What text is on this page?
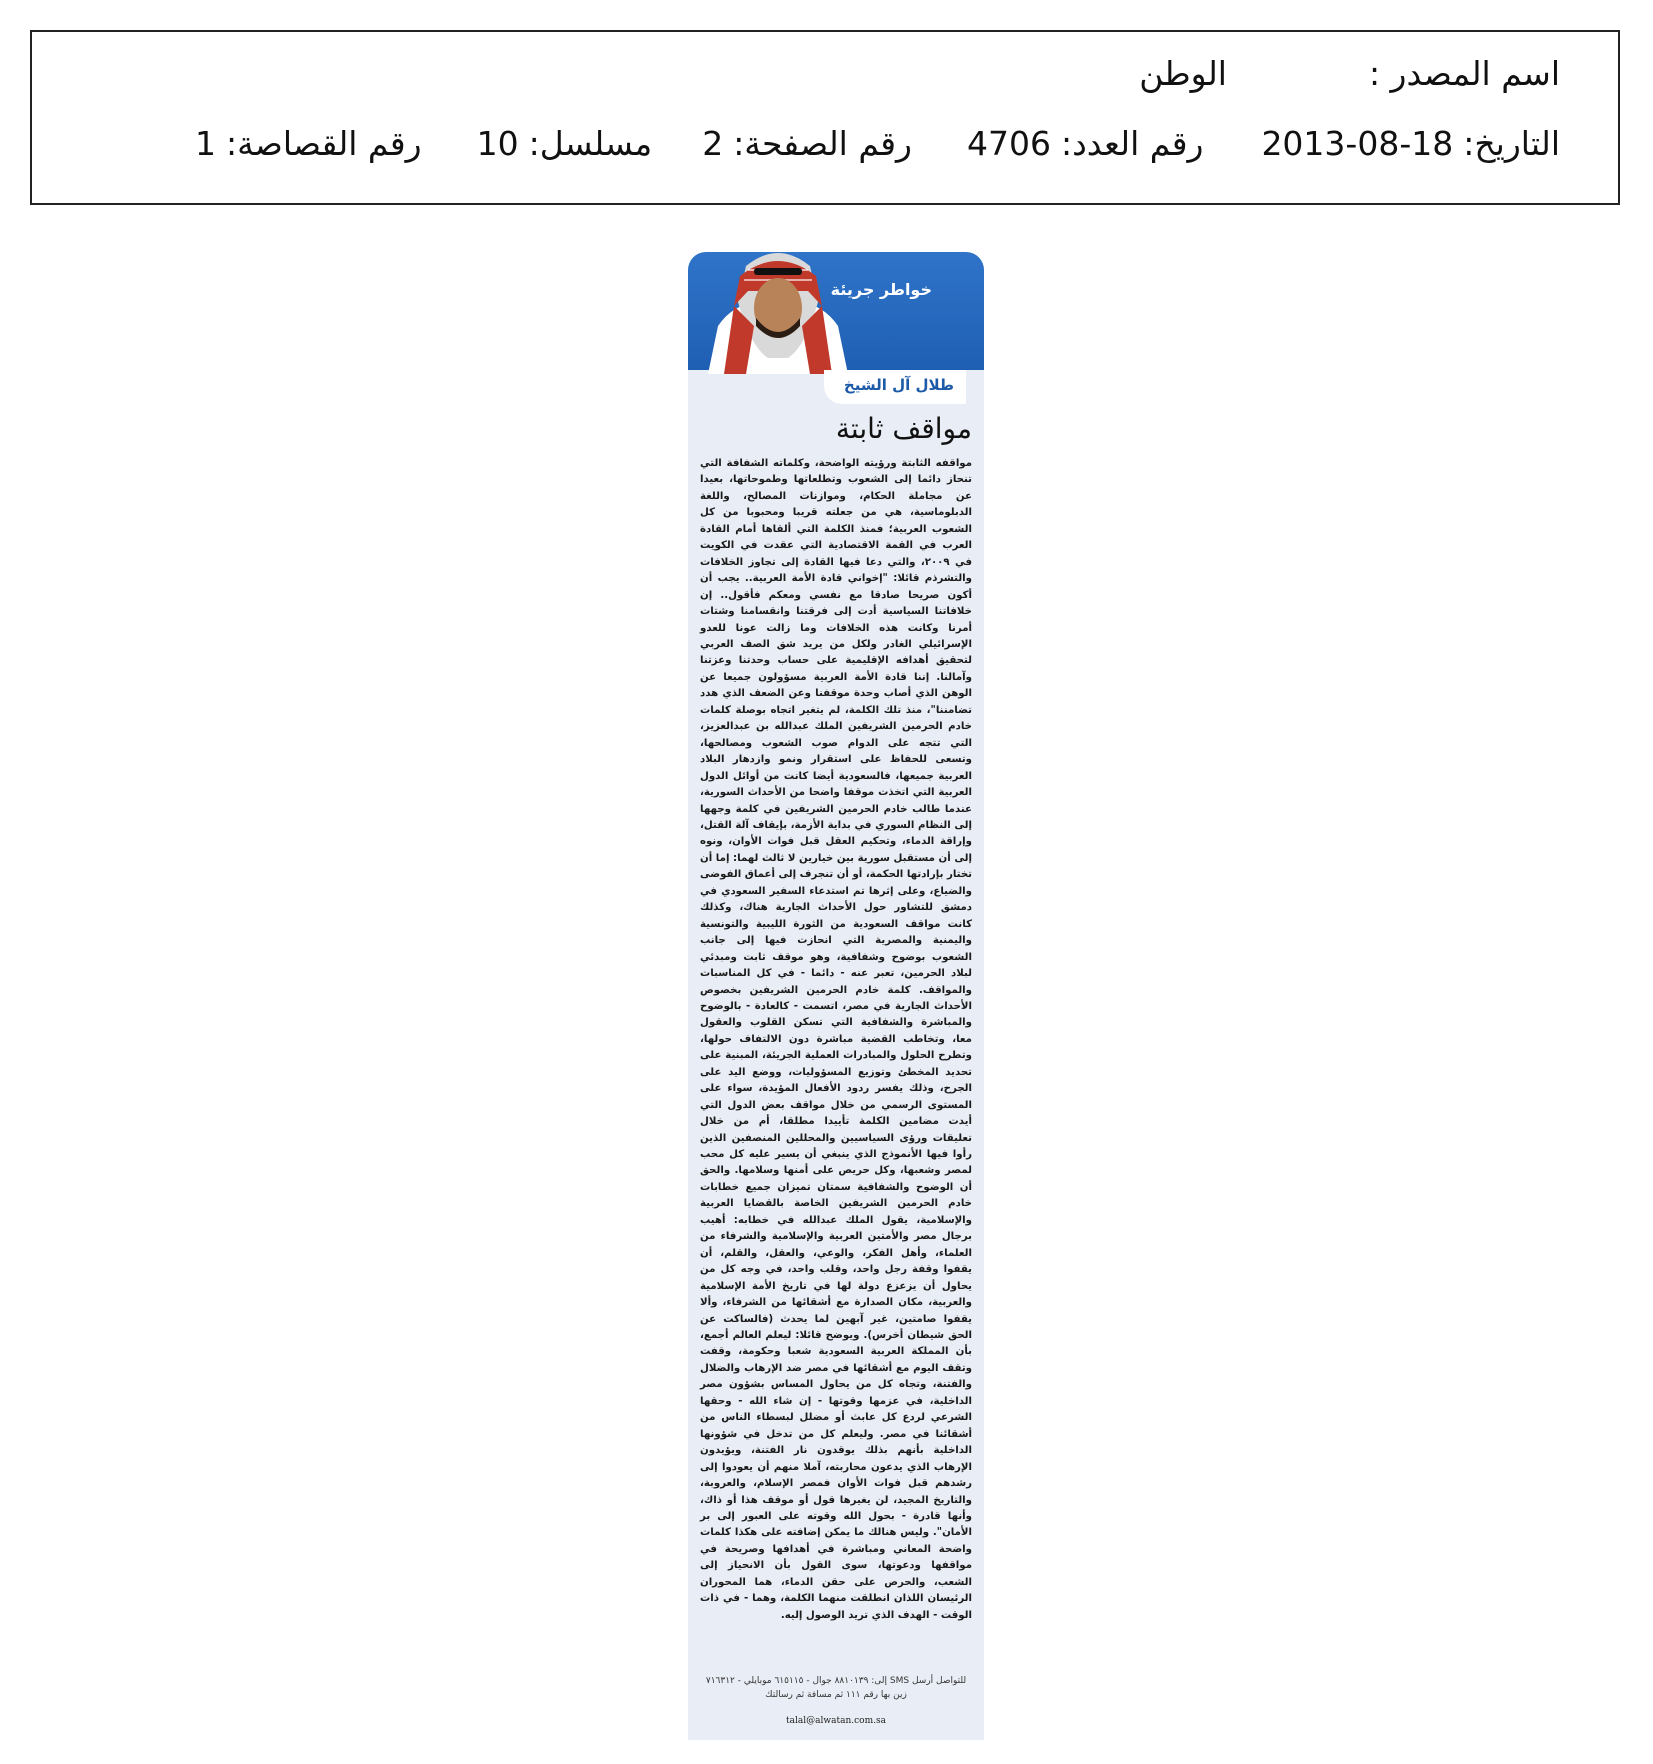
اسم المصدر :
الوطن
التاريخ:
2013-08-18
رقم العدد:
4706
رقم الصفحة:
2
مسلسل:
10
رقم القصاصة:
1
خواطر جريئة
طلال آل الشيخ
مواقف ثابتة
مواقفه الثابتة ورؤيته الواضحة، وكلماته الشفافة التي تنحاز دائما إلى الشعوب وتطلعاتها وطموحاتها، بعيدا عن مجاملة الحكام، وموازنات المصالح، واللغة الدبلوماسية، هي من جعلته قريبا ومحبوبا من كل الشعوب العربية؛ فمنذ الكلمة التي ألقاها أمام القادة العرب في القمة الاقتصادية التي عقدت في الكويت في ٢٠٠٩، والتي دعا فيها القادة إلى تجاوز الخلافات والتشرذم قائلا: "إخواني قادة الأمة العربية.. يجب أن أكون صريحا صادقا مع نفسي ومعكم فأقول.. إن خلافاتنا السياسية أدت إلى فرقتنا وانقسامنا وشتات أمرنا وكانت هذه الخلافات وما زالت عونا للعدو الإسرائيلي الغادر ولكل من يريد شق الصف العربي لتحقيق أهدافه الإقليمية على حساب وحدتنا وعزتنا وآمالنا. إننا قادة الأمة العربية مسؤولون جميعا عن الوهن الذي أصاب وحدة موقفنا وعن الضعف الذي هدد تضامننا"، منذ تلك الكلمة، لم يتغير اتجاه بوصلة كلمات خادم الحرمين الشريفين الملك عبدالله بن عبدالعزيز، التي تتجه على الدوام صوب الشعوب ومصالحها، وتسعى للحفاظ على استقرار ونمو وازدهار البلاد العربية جميعها، فالسعودية أيضا كانت من أوائل الدول العربية التي اتخذت موقفا واضحا من الأحداث السورية، عندما طالب خادم الحرمين الشريفين في كلمة وجهها إلى النظام السوري في بداية الأزمة، بإيقاف آلة القتل، وإراقة الدماء، وتحكيم العقل قبل فوات الأوان، ونوه إلى أن مستقبل سورية بين خيارين لا ثالث لهما: إما أن تختار بإرادتها الحكمة، أو أن تنجرف إلى أعماق الفوضى والضياع، وعلى إثرها تم استدعاء السفير السعودي في دمشق للتشاور حول الأحداث الجارية هناك، وكذلك كانت مواقف السعودية من الثورة الليبية والتونسية واليمنية والمصرية التي انحازت فيها إلى جانب الشعوب بوضوح وشفافية، وهو موقف ثابت ومبدئي لبلاد الحرمين، تعبر عنه - دائما - في كل المناسبات والمواقف. كلمة خادم الحرمين الشريفين بخصوص الأحداث الجارية في مصر، اتسمت - كالعادة - بالوضوح والمباشرة والشفافية التي تسكن القلوب والعقول معا، وتخاطب القضية مباشرة دون الالتفاف حولها، وتطرح الحلول والمبادرات العملية الجريئة، المبنية على تحديد المخطئ وتوزيع المسؤوليات، ووضع اليد على الجرح، وذلك يفسر ردود الأفعال المؤيدة، سواء على المستوى الرسمي من خلال مواقف بعض الدول التي أيدت مضامين الكلمة تأييدا مطلقا، أم من خلال تعليقات ورؤى السياسيين والمحللين المنصفين الذين رأوا فيها الأنموذج الذي ينبغي أن يسير عليه كل محب لمصر وشعبها، وكل حريص على أمنها وسلامها. والحق أن الوضوح والشفافية سمتان تميزان جميع خطابات خادم الحرمين الشريفين الخاصة بالقضايا العربية والإسلامية، يقول الملك عبدالله في خطابه: أهيب برجال مصر والأمتين العربية والإسلامية والشرفاء من العلماء، وأهل الفكر، والوعي، والعقل، والقلم، أن يقفوا وقفة رجل واحد، وقلب واحد، في وجه كل من يحاول أن يزعزع دولة لها في تاريخ الأمة الإسلامية والعربية، مكان الصدارة مع أشقائها من الشرفاء، وألا يقفوا صامتين، غير آبهين لما يحدث (فالساكت عن الحق شيطان أخرس). ويوضح قائلا: ليعلم العالم أجمع، بأن المملكة العربية السعودية شعبا وحكومة، وقفت وتقف اليوم مع أشقائها في مصر ضد الإرهاب والضلال والفتنة، وتجاه كل من يحاول المساس بشؤون مصر الداخلية، في عزمها وقوتها - إن شاء الله - وحقها الشرعي لردع كل عابث أو مضلل لبسطاء الناس من أشقائنا في مصر. وليعلم كل من تدخل في شؤونها الداخلية بأنهم بذلك يوقدون نار الفتنة، ويؤيدون الإرهاب الذي يدعون محاربته، آملا منهم أن يعودوا إلى رشدهم قبل فوات الأوان فمصر الإسلام، والعروبة، والتاريخ المجيد، لن يغيرها قول أو موقف هذا أو ذاك، وأنها قادرة - بحول الله وقوته على العبور إلى بر الأمان". وليس هنالك ما يمكن إضافته على هكذا كلمات واضحة المعاني ومباشرة في أهدافها وصريحة في مواقفها ودعوتها، سوى القول بأن الانحياز إلى الشعب، والحرص على حقن الدماء، هما المحوران الرئيسان اللذان انطلقت منهما الكلمة، وهما - في ذات الوقت - الهدف الذي تريد الوصول إليه.
للتواصل أرسل SMS إلى: ٨٨١٠١٣٩ جوال - ٦١٥١١٥ موبايلي - ٧١٦٣١٢ زين بها رقم ١١١ ثم مسافة ثم رسالتك
talal@alwatan.com.sa
